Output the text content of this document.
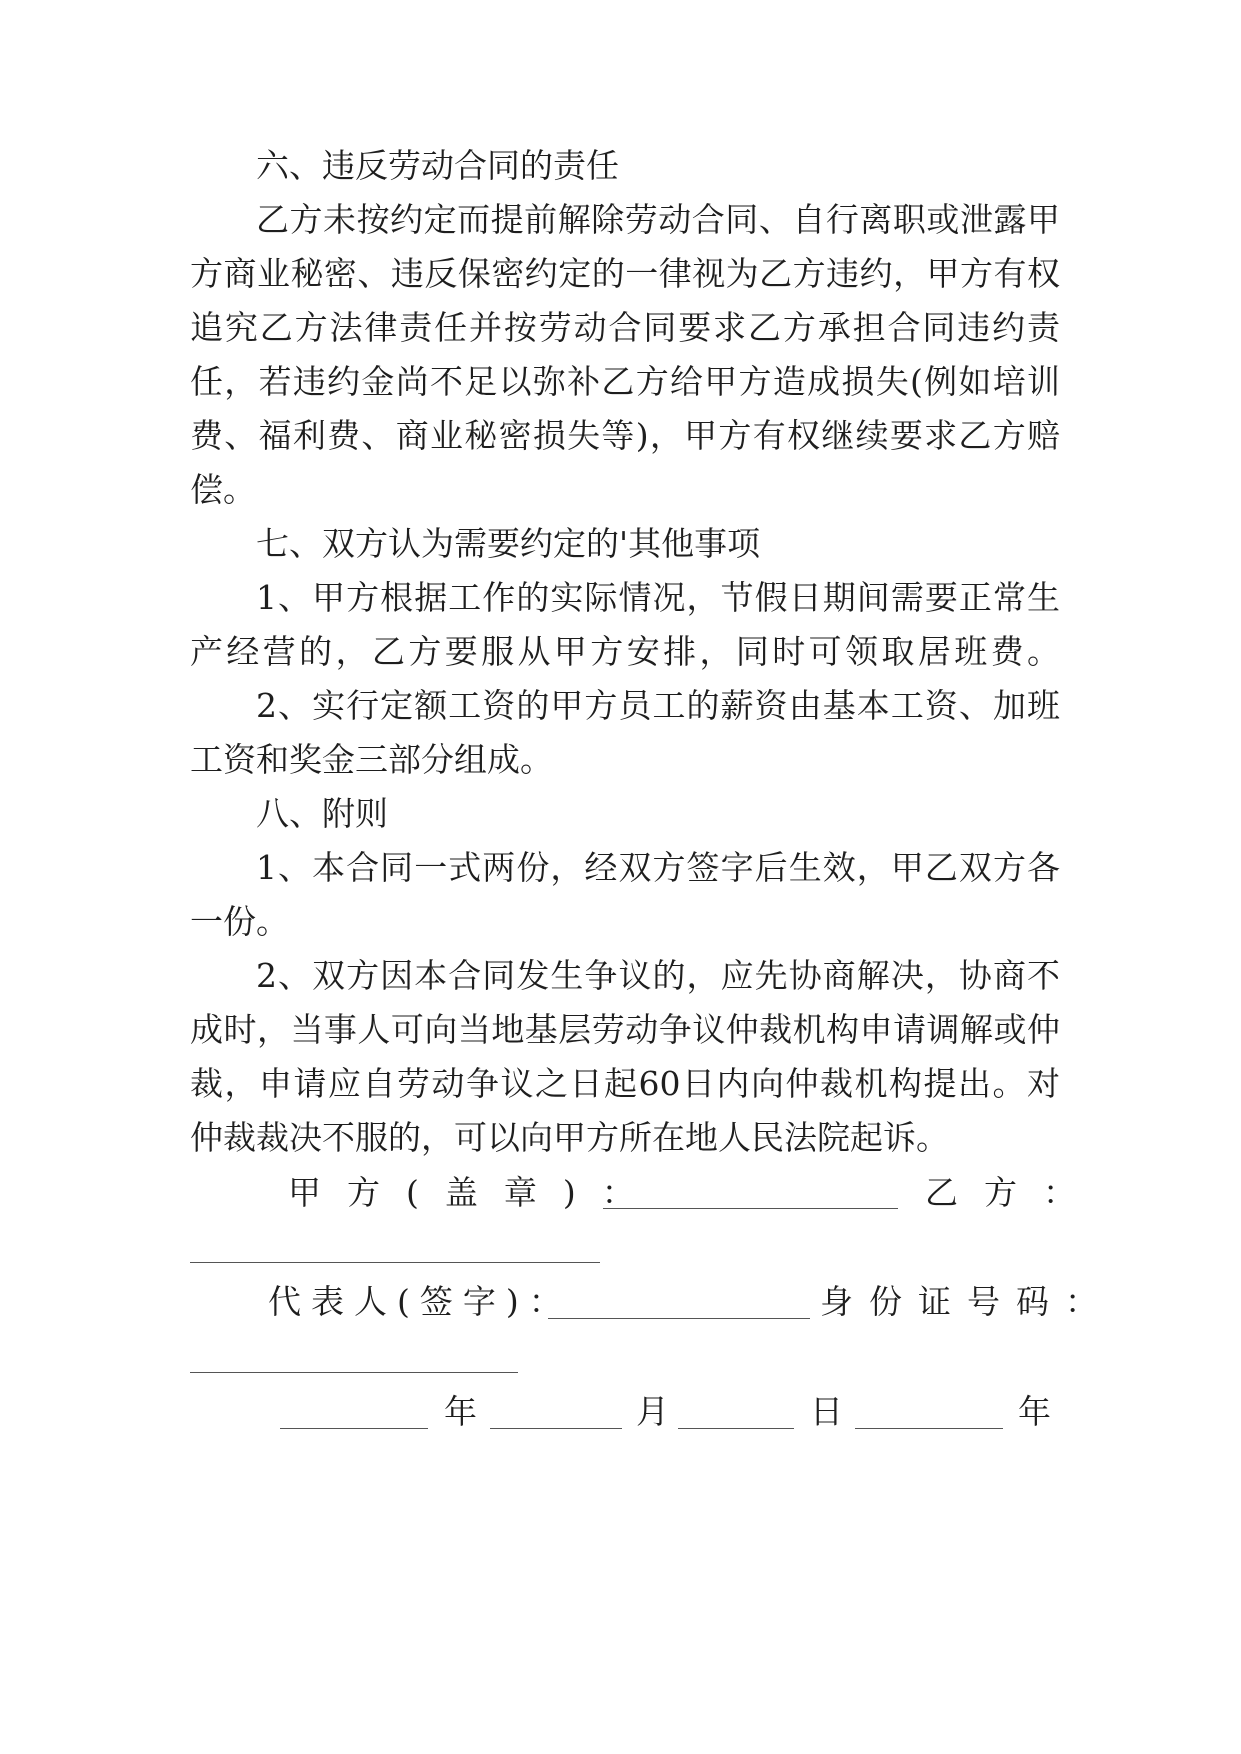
六、违反劳动合同的责任
乙方未按约定而提前解除劳动合同、自行离职或泄露甲
方商业秘密、违反保密约定的一律视为乙方违约，甲方有权
追究乙方法律责任并按劳动合同要求乙方承担合同违约责
任，若违约金尚不足以弥补乙方给甲方造成损失(例如培训
费、福利费、商业秘密损失等)，甲方有权继续要求乙方赔
偿。
七、双方认为需要约定的'其他事项
1、甲方根据工作的实际情况，节假日期间需要正常生
产经营的，乙方要服从甲方安排，同时可领取居班费。
2、实行定额工资的甲方员工的薪资由基本工资、加班
工资和奖金三部分组成。
八、附则
1、本合同一式两份，经双方签字后生效，甲乙双方各
一份。
2、双方因本合同发生争议的，应先协商解决，协商不
成时，当事人可向当地基层劳动争议仲裁机构申请调解或仲
裁，申请应自劳动争议之日起60日内向仲裁机构提出。对
仲裁裁决不服的，可以向甲方所在地人民法院起诉。
甲方(盖章)：	乙方：
代表人(签字)：	身份证号码：
年	月	日	年
